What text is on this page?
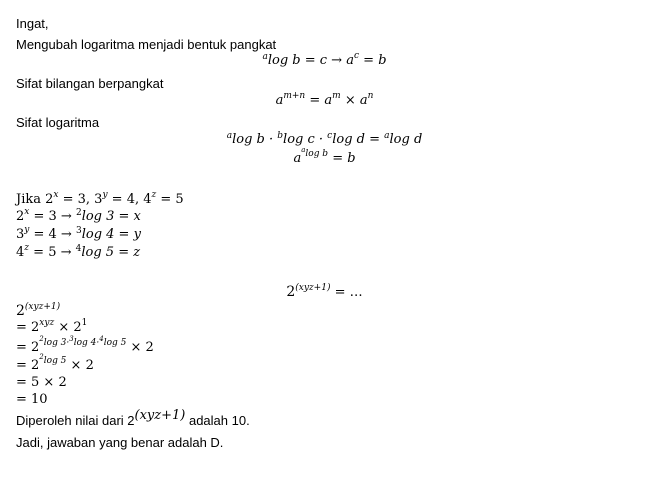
Ingat,
Mengubah logaritma menjadi bentuk pangkat
$^a$log $b = c \to a^c = b$
Sifat bilangan berpangkat
$a^{m+n} = a^m \times a^n$
Sifat logaritma
$^a$log b · $^b$log c · $^c$log d = $^a$log d
$a^{^alog b} = b$
Jika $2^x = 3$, $3^y = 4$, $4^z = 5$
$2^x = 3 \to ^2\log$ 3 = x
$3^y = 4 \to ^3\log$ 4 = y
$4^z = 5 \to ^4\log$ 5 = z
$2^{(xyz+1)}$ = …
$2^{(xyz+1)}$
= $2^{xyz} \times 2^1$
= $2^{^2log 3\cdot^3log 4\cdot^4log 5} \times 2$
= $2^{^2log 5} \times 2$
= 5 × 2
= 10
Diperoleh nilai dari $2^{(xyz+1)}$ adalah 10.
Jadi, jawaban yang benar adalah D.
